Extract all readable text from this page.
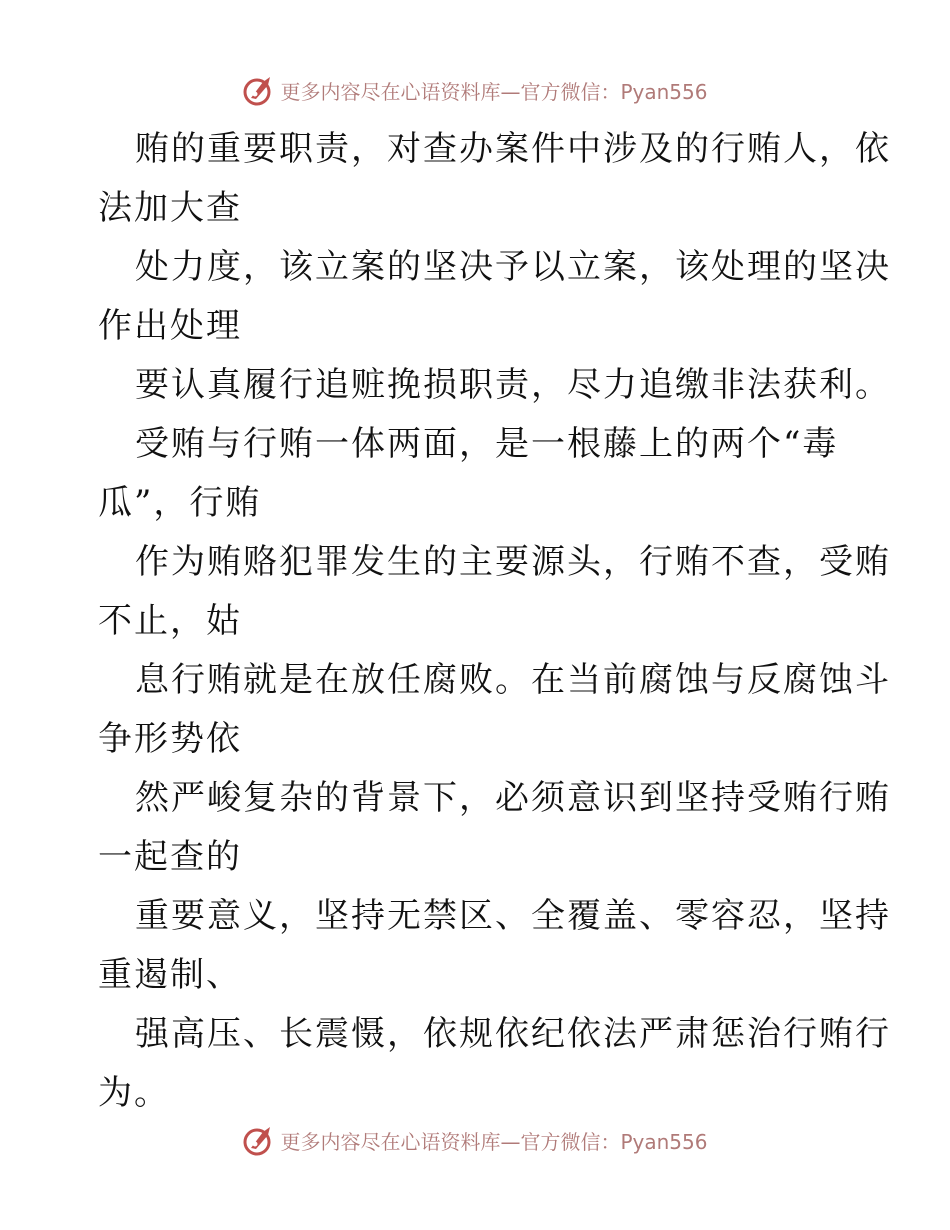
更多内容尽在心语资料库—官方微信：Pyan556
贿的重要职责，对查办案件中涉及的行贿人，依
法加大查
处力度，该立案的坚决予以立案，该处理的坚决
作出处理
要认真履行追赃挽损职责，尽力追缴非法获利。
受贿与行贿一体两面，是一根藤上的两个“毒
瓜”，行贿
作为贿赂犯罪发生的主要源头，行贿不查，受贿
不止，姑
息行贿就是在放任腐败。在当前腐蚀与反腐蚀斗
争形势依
然严峻复杂的背景下，必须意识到坚持受贿行贿
一起查的
重要意义，坚持无禁区、全覆盖、零容忍，坚持
重遏制、
强高压、长震慑，依规依纪依法严肃惩治行贿行
为。
更多内容尽在心语资料库—官方微信：Pyan556
